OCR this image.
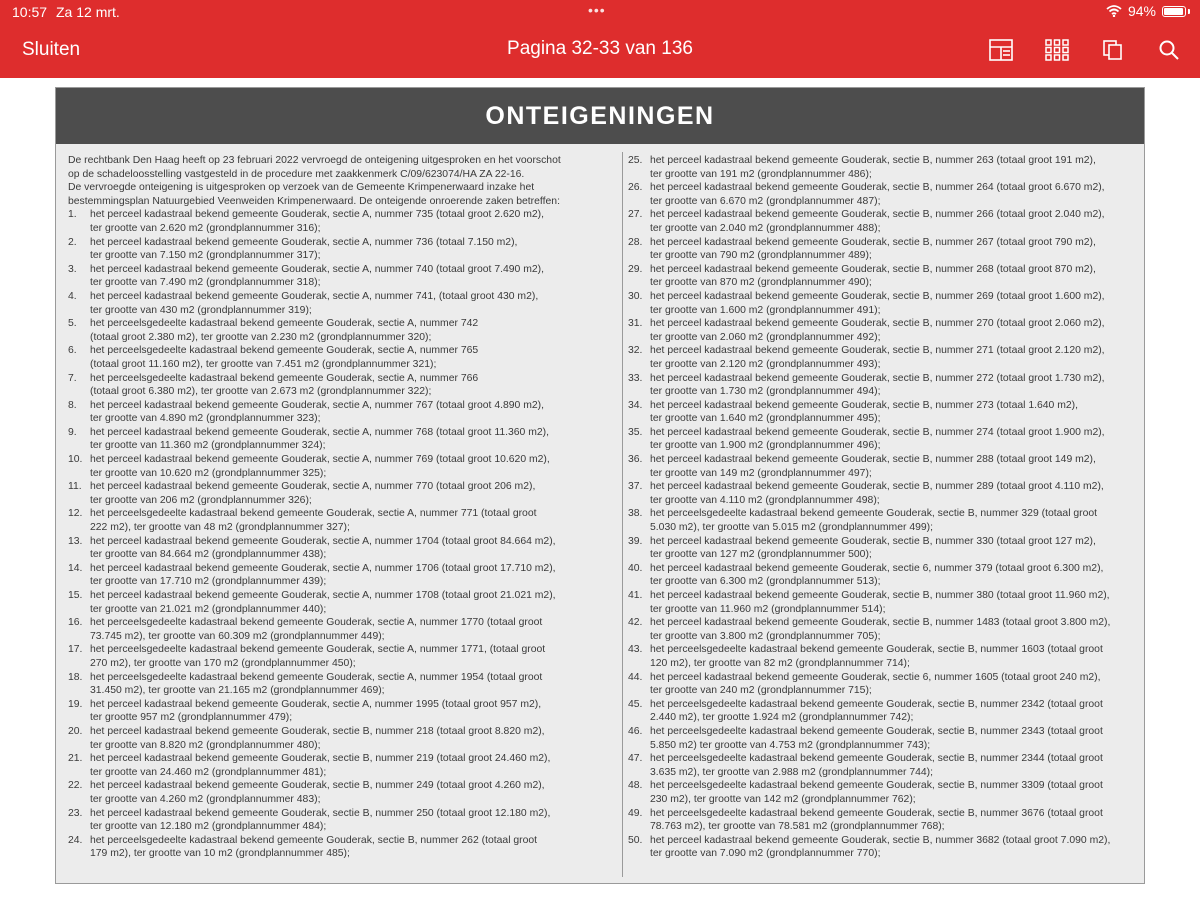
10:57 Za 12 mrt.	•••	94%
Sluiten	Pagina 32-33 van 136
ONTEIGENINGEN
De rechtbank Den Haag heeft op 23 februari 2022 vervroegd de onteigening uitgesproken en het voorschot
op de schadeloosstelling vastgesteld in de procedure met zaakkenmerk C/09/623074/HA ZA 22-16.
De vervroegde onteigening is uitgesproken op verzoek van de Gemeente Krimpenerwaard inzake het
bestemmingsplan Natuurgebied Veenweiden Krimpenerwaard. De onteigende onroerende zaken betreffen:
1.	het perceel kadastraal bekend gemeente Gouderak, sectie A, nummer 735 (totaal groot 2.620 m2),
ter grootte van 2.620 m2 (grondplannummer 316);
2.	het perceel kadastraal bekend gemeente Gouderak, sectie A, nummer 736 (totaal 7.150 m2),
ter grootte van 7.150 m2 (grondplannummer 317);
3.	het perceel kadastraal bekend gemeente Gouderak, sectie A, nummer 740 (totaal groot 7.490 m2),
ter grootte van 7.490 m2 (grondplannummer 318);
4.	het perceel kadastraal bekend gemeente Gouderak, sectie A, nummer 741, (totaal groot 430 m2),
ter grootte van 430 m2 (grondplannummer 319);
5.	het perceelsgedeelte kadastraal bekend gemeente Gouderak, sectie A, nummer 742
(totaal groot 2.380 m2), ter grootte van 2.230 m2 (grondplannummer 320);
6.	het perceelsgedeelte kadastraal bekend gemeente Gouderak, sectie A, nummer 765
(totaal groot 11.160 m2), ter grootte van 7.451 m2 (grondplannummer 321);
7.	het perceelsgedeelte kadastraal bekend gemeente Gouderak, sectie A, nummer 766
(totaal groot 6.380 m2), ter grootte van 2.673 m2 (grondplannummer 322);
8.	het perceel kadastraal bekend gemeente Gouderak, sectie A, nummer 767 (totaal groot 4.890 m2),
ter grootte van 4.890 m2 (grondplannummer 323);
9.	het perceel kadastraal bekend gemeente Gouderak, sectie A, nummer 768 (totaal groot 11.360 m2),
ter grootte van 11.360 m2 (grondplannummer 324);
10. het perceel kadastraal bekend gemeente Gouderak, sectie A, nummer 769 (totaal groot 10.620 m2),
ter grootte van 10.620 m2 (grondplannummer 325);
11. het perceel kadastraal bekend gemeente Gouderak, sectie A, nummer 770 (totaal groot 206 m2),
ter grootte van 206 m2 (grondplannummer 326);
12. het perceelsgedeelte kadastraal bekend gemeente Gouderak, sectie A, nummer 771 (totaal groot
222 m2), ter grootte van 48 m2 (grondplannummer 327);
13. het perceel kadastraal bekend gemeente Gouderak, sectie A, nummer 1704 (totaal groot 84.664 m2),
ter grootte van 84.664 m2 (grondplannummer 438);
14. het perceel kadastraal bekend gemeente Gouderak, sectie A, nummer 1706 (totaal groot 17.710 m2),
ter grootte van 17.710 m2 (grondplannummer 439);
15. het perceel kadastraal bekend gemeente Gouderak, sectie A, nummer 1708 (totaal groot 21.021 m2),
ter grootte van 21.021 m2 (grondplannummer 440);
16. het perceelsgedeelte kadastraal bekend gemeente Gouderak, sectie A, nummer 1770 (totaal groot
73.745 m2), ter grootte van 60.309 m2 (grondplannummer 449);
17. het perceelsgedeelte kadastraal bekend gemeente Gouderak, sectie A, nummer 1771, (totaal groot
270 m2), ter grootte van 170 m2 (grondplannummer 450);
18. het perceelsgedeelte kadastraal bekend gemeente Gouderak, sectie A, nummer 1954 (totaal groot
31.450 m2), ter grootte van 21.165 m2 (grondplannummer 469);
19. het perceel kadastraal bekend gemeente Gouderak, sectie A, nummer 1995 (totaal groot 957 m2),
ter grootte 957 m2 (grondplannummer 479);
20. het perceel kadastraal bekend gemeente Gouderak, sectie B, nummer 218 (totaal groot 8.820 m2),
ter grootte van 8.820 m2 (grondplannummer 480);
21. het perceel kadastraal bekend gemeente Gouderak, sectie B, nummer 219 (totaal groot 24.460 m2),
ter grootte van 24.460 m2 (grondplannummer 481);
22. het perceel kadastraal bekend gemeente Gouderak, sectie B, nummer 249 (totaal groot 4.260 m2),
ter grootte van 4.260 m2 (grondplannummer 483);
23. het perceel kadastraal bekend gemeente Gouderak, sectie B, nummer 250 (totaal groot 12.180 m2),
ter grootte van 12.180 m2 (grondplannummer 484);
24. het perceelsgedeelte kadastraal bekend gemeente Gouderak, sectie B, nummer 262 (totaal groot
179 m2), ter grootte van 10 m2 (grondplannummer 485);
25. het perceel kadastraal bekend gemeente Gouderak, sectie B, nummer 263 (totaal groot 191 m2),
ter grootte van 191 m2 (grondplannummer 486);
26. het perceel kadastraal bekend gemeente Gouderak, sectie B, nummer 264 (totaal groot 6.670 m2),
ter grootte van 6.670 m2 (grondplannummer 487);
27. het perceel kadastraal bekend gemeente Gouderak, sectie B, nummer 266 (totaal groot 2.040 m2),
ter grootte van 2.040 m2 (grondplannummer 488);
28. het perceel kadastraal bekend gemeente Gouderak, sectie B, nummer 267 (totaal groot 790 m2),
ter grootte van 790 m2 (grondplannummer 489);
29. het perceel kadastraal bekend gemeente Gouderak, sectie B, nummer 268 (totaal groot 870 m2),
ter grootte van 870 m2 (grondplannummer 490);
30. het perceel kadastraal bekend gemeente Gouderak, sectie B, nummer 269 (totaal groot 1.600 m2),
ter grootte van 1.600 m2 (grondplannummer 491);
31. het perceel kadastraal bekend gemeente Gouderak, sectie B, nummer 270 (totaal groot 2.060 m2),
ter grootte van 2.060 m2 (grondplannummer 492);
32. het perceel kadastraal bekend gemeente Gouderak, sectie B, nummer 271 (totaal groot 2.120 m2),
ter grootte van 2.120 m2 (grondplannummer 493);
33. het perceel kadastraal bekend gemeente Gouderak, sectie B, nummer 272 (totaal groot 1.730 m2),
ter grootte van 1.730 m2 (grondplannummer 494);
34. het perceel kadastraal bekend gemeente Gouderak, sectie B, nummer 273 (totaal 1.640 m2),
ter grootte van 1.640 m2 (grondplannummer 495);
35. het perceel kadastraal bekend gemeente Gouderak, sectie B, nummer 274 (totaal groot 1.900 m2),
ter grootte van 1.900 m2 (grondplannummer 496);
36. het perceel kadastraal bekend gemeente Gouderak, sectie B, nummer 288 (totaal groot 149 m2),
ter grootte van 149 m2 (grondplannummer 497);
37. het perceel kadastraal bekend gemeente Gouderak, sectie B, nummer 289 (totaal groot 4.110 m2),
ter grootte van 4.110 m2 (grondplannummer 498);
38. het perceelsgedeelte kadastraal bekend gemeente Gouderak, sectie B, nummer 329 (totaal groot
5.030 m2), ter grootte van 5.015 m2 (grondplannummer 499);
39. het perceel kadastraal bekend gemeente Gouderak, sectie B, nummer 330 (totaal groot 127 m2),
ter grootte van 127 m2 (grondplannummer 500);
40. het perceel kadastraal bekend gemeente Gouderak, sectie 6, nummer 379 (totaal groot 6.300 m2),
ter grootte van 6.300 m2 (grondplannummer 513);
41. het perceel kadastraal bekend gemeente Gouderak, sectie B, nummer 380 (totaal groot 11.960 m2),
ter grootte van 11.960 m2 (grondplannummer 514);
42. het perceel kadastraal bekend gemeente Gouderak, sectie B, nummer 1483 (totaal groot 3.800 m2),
ter grootte van 3.800 m2 (grondplannummer 705);
43. het perceelsgedeelte kadastraal bekend gemeente Gouderak, sectie B, nummer 1603 (totaal groot
120 m2), ter grootte van 82 m2 (grondplannummer 714);
44. het perceel kadastraal bekend gemeente Gouderak, sectie 6, nummer 1605 (totaal groot 240 m2),
ter grootte van 240 m2 (grondplannummer 715);
45. het perceelsgedeelte kadastraal bekend gemeente Gouderak, sectie B, nummer 2342 (totaal groot
2.440 m2), ter grootte 1.924 m2 (grondplannummer 742);
46. het perceelsgedeelte kadastraal bekend gemeente Gouderak, sectie B, nummer 2343 (totaal groot
5.850 m2) ter grootte van 4.753 m2 (grondplannummer 743);
47. het perceelsgedeelte kadastraal bekend gemeente Gouderak, sectie B, nummer 2344 (totaal groot
3.635 m2), ter grootte van 2.988 m2 (grondplannummer 744);
48. het perceelsgedeelte kadastraal bekend gemeente Gouderak, sectie B, nummer 3309 (totaal groot
230 m2), ter grootte van 142 m2 (grondplannummer 762);
49. het perceelsgedeelte kadastraal bekend gemeente Gouderak, sectie B, nummer 3676 (totaal groot
78.763 m2), ter grootte van 78.581 m2 (grondplannummer 768);
50. het perceel kadastraal bekend gemeente Gouderak, sectie B, nummer 3682 (totaal groot 7.090 m2),
ter grootte van 7.090 m2 (grondplannummer 770);
